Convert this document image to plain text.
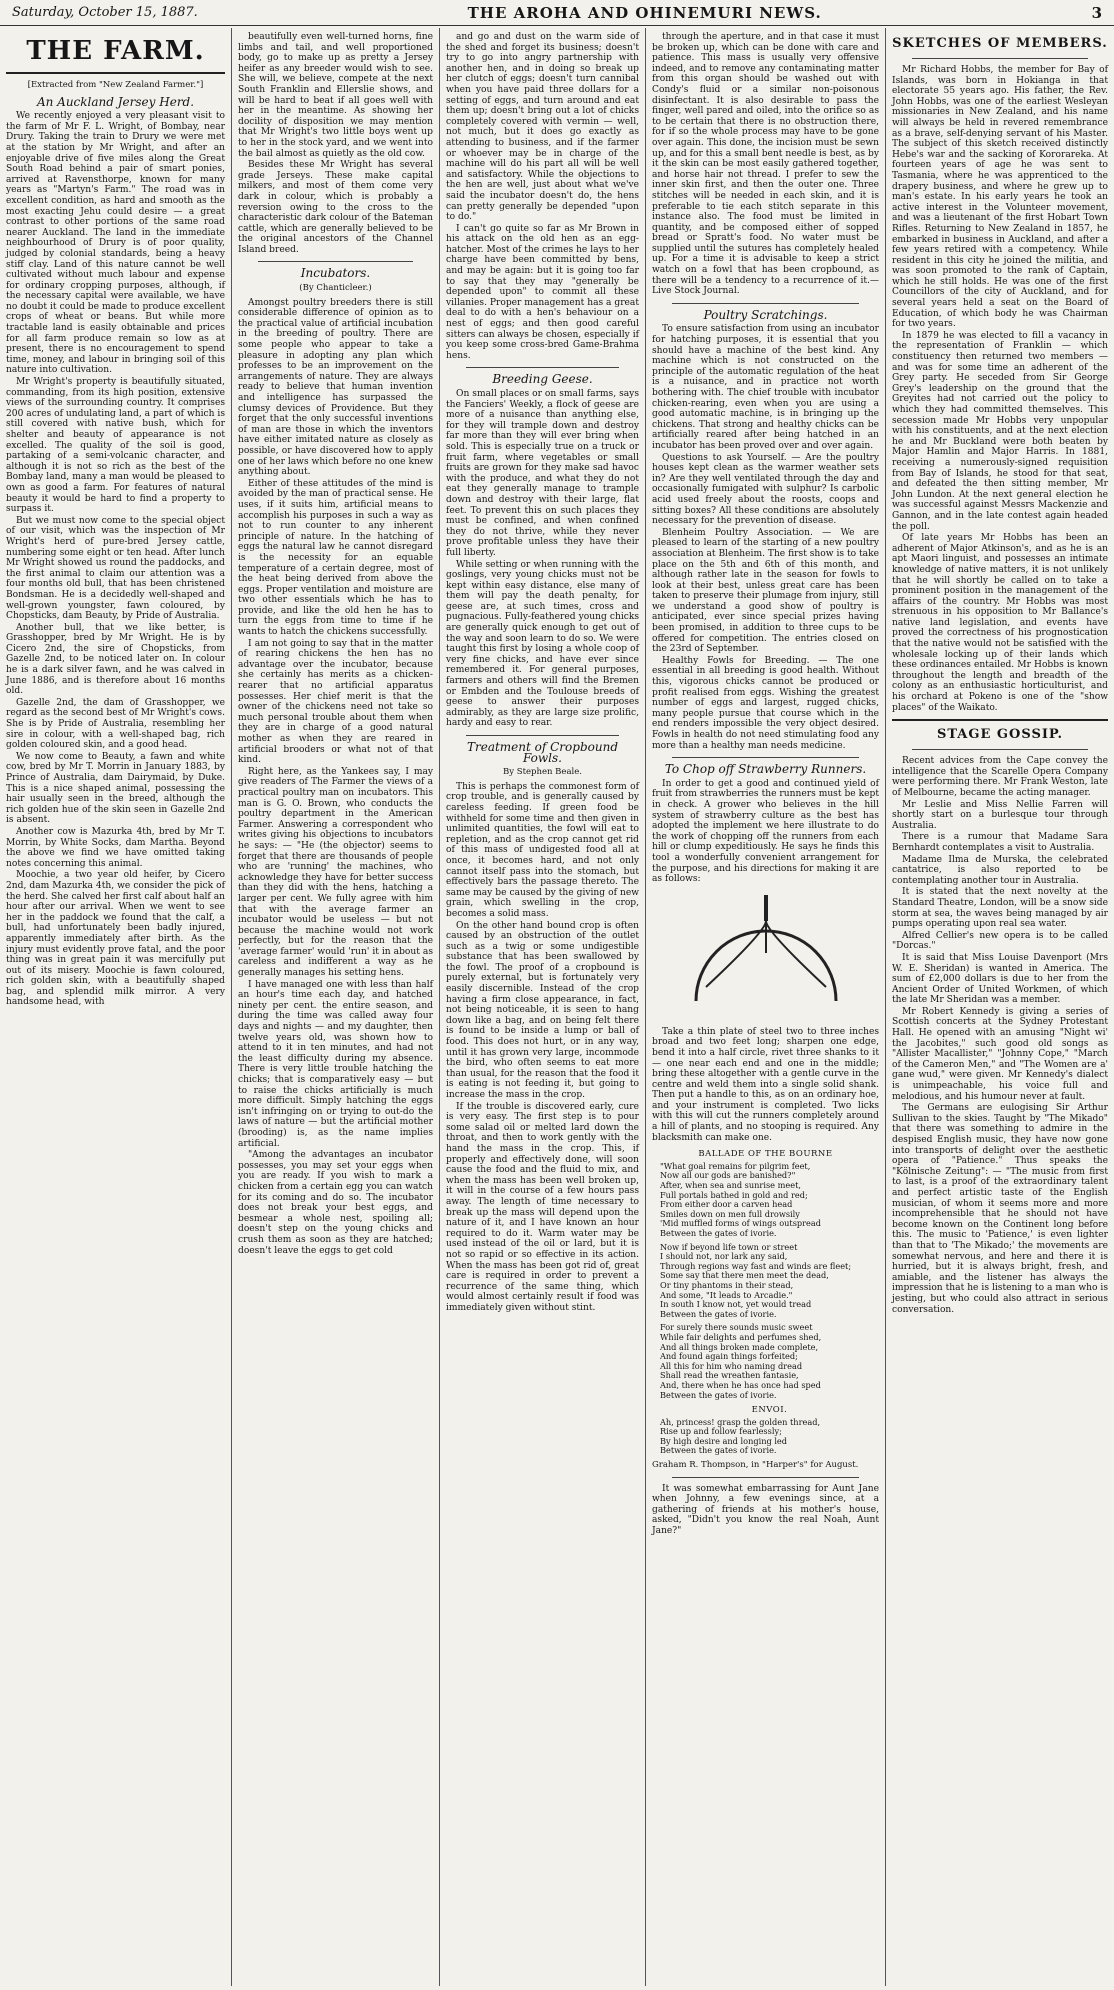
Saturday, October 15, 1887.	THE AROHA AND OHINEMURI NEWS.	3
THE FARM.
[Extracted from "New Zealand Farmer."]
An Auckland Jersey Herd.

We recently enjoyed a very pleasant visit to the farm of Mr F. L. Wright, of Bombay, near Drury. Taking the train to Drury we were met at the station by Mr Wright, and after an enjoyable drive of five miles along the Great South Road behind a pair of smart ponies, arrived at Ravensthorpe, known for many years as "Martyn's Farm." The road was in excellent condition, as hard and smooth as the most exacting Jehu could desire — a great contrast to other portions of the same road nearer Auckland. The land in the immediate neighbourhood of Drury is of poor quality, judged by colonial standards, being a heavy stiff clay. Land of this nature cannot be well cultivated without much labour and expense for ordinary cropping purposes, although, if the necessary capital were available, we have no doubt it could be made to produce excellent crops of wheat or beans. But while more tractable land is easily obtainable and prices for all farm produce remain so low as at present, there is no encouragement to spend time, money, and labour in bringing soil of this nature into cultivation.

Mr Wright's property is beautifully situated, commanding, from its high position, extensive views of the surrounding country. It comprises 200 acres of undulating land, a part of which is still covered with native bush, which for shelter and beauty of appearance is not excelled. The quality of the soil is good, partaking of a semi-volcanic character, and although it is not so rich as the best of the Bombay land, many a man would be pleased to own as good a farm. For features of natural beauty it would be hard to find a property to surpass it.

But we must now come to the special object of our visit, which was the inspection of Mr Wright's herd of pure-bred Jersey cattle, numbering some eight or ten head. After lunch Mr Wright showed us round the paddocks, and the first animal to claim our attention was a four months old bull, that has been christened Bondsman. He is a decidedly well-shaped and well-grown youngster, fawn coloured, by Chopsticks, dam Beauty, by Pride of Australia.

Another bull, that we like better, is Grasshopper, bred by Mr Wright. He is by Cicero 2nd, the sire of Chopsticks, from Gazelle 2nd, to be noticed later on. In colour he is a dark silver fawn, and he was calved in June 1886, and is therefore about 16 months old.

Gazelle 2nd, the dam of Grasshopper, we regard as the second best of Mr Wright's cows. She is by Pride of Australia, resembling her sire in colour, with a well-shaped bag, rich golden coloured skin, and a good head.

We now come to Beauty, a fawn and white cow, bred by Mr T. Morrin in January 1883, by Prince of Australia, dam Dairymaid, by Duke. This is a nice shaped animal, possessing the hair usually seen in the breed, although the rich golden hue of the skin seen in Gazelle 2nd is absent.

Another cow is Mazurka 4th, bred by Mr T. Morrin, by White Socks, dam Martha. Beyond the above we find we have omitted taking notes concerning this animal.

Moochie, a two year old heifer, by Cicero 2nd, dam Mazurka 4th, we consider the pick of the herd. She calved her first calf about half an hour after our arrival. When we went to see her in the paddock we found that the calf, a bull, had unfortunately been badly injured, apparently immediately after birth. As the injury must evidently prove fatal, and the poor thing was in great pain it was mercifully put out of its misery. Moochie is fawn coloured, rich golden skin, with a beautifully shaped bag, and splendid milk mirror. A very handsome head, with

beautifully even well-turned horns, fine limbs and tail, and well proportioned body, go to make up as pretty a Jersey heifer as any breeder would wish to see. She will, we believe, compete at the next South Franklin and Ellerslie shows, and will be hard to beat if all goes well with her in the meantime. As showing her docility of disposition we may mention that Mr Wright's two little boys went up to her in the stock yard, and we went into the bail almost as quietly as the old cow.

Besides these Mr Wright has several grade Jerseys. These make capital milkers, and most of them come very dark in colour, which is probably a reversion owing to the cross to the characteristic dark colour of the Bateman cattle, which are generally believed to be the original ancestors of the Channel Island breed.

Incubators.
(By Chanticleer.)

Amongst poultry breeders there is still considerable difference of opinion as to the practical value of artificial incubation in the breeding of poultry. There are some people who appear to take a pleasure in adopting any plan which professes to be an improvement on the arrangements of nature. They are always ready to believe that human invention and intelligence has surpassed the clumsy devices of Providence. But they forget that the only successful inventions of man are those in which the inventors have either imitated nature as closely as possible, or have discovered how to apply one of her laws which before no one knew anything about.

Either of these attitudes of the mind is avoided by the man of practical sense. He uses, if it suits him, artificial means to accomplish his purposes in such a way as not to run counter to any inherent principle of nature. In the hatching of eggs the natural law he cannot disregard is the necessity for an equable temperature of a certain degree, most of the heat being derived from above the eggs. Proper ventilation and moisture are two other essentials which he has to provide, and like the old hen he has to turn the eggs from time to time if he wants to hatch the chickens successfully.

I am not going to say that in the matter of rearing chickens the hen has no advantage over the incubator, because she certainly has merits as a chicken-rearer that no artificial apparatus possesses. Her chief merit is that the owner of the chickens need not take so much personal trouble about them when they are in charge of a good natural mother as when they are reared in artificial brooders or what not of that kind.

Right here, as the Yankees say, I may give readers of The Farmer the views of a practical poultry man on incubators. This man is G. O. Brown, who conducts the poultry department in the American Farmer. Answering a correspondent who writes giving his objections to incubators he says: — "He (the objector) seems to forget that there are thousands of people who are 'running' the machines, who acknowledge they have for better success than they did with the hens, hatching a larger per cent. We fully agree with him that with the average farmer an incubator would be useless — but not because the machine would not work perfectly, but for the reason that the 'average farmer' would 'run' it in about as careless and indifferent a way as he generally manages his setting hens.

I have managed one with less than half an hour's time each day, and hatched ninety per cent. the entire season, and during the time was called away four days and nights — and my daughter, then twelve years old, was shown how to attend to it in ten minutes, and had not the least difficulty during my absence. There is very little trouble hatching the chicks; that is comparatively easy — but to raise the chicks artificially is much more difficult. Simply hatching the eggs isn't infringing on or trying to out-do the laws of nature — but the artificial mother (brooding) is, as the name implies artificial.

"Among the advantages an incubator possesses, you may set your eggs when you are ready. If you wish to mark a chicken from a certain egg you can watch for its coming and do so. The incubator does not break your best eggs, and besmear a whole nest, spoiling all; doesn't step on the young chicks and crush them as soon as they are hatched; doesn't leave the eggs to get cold

and go and dust on the warm side of the shed and forget its business; doesn't try to go into angry partnership with another hen, and in doing so break up her clutch of eggs; doesn't turn cannibal when you have paid three dollars for a setting of eggs, and turn around and eat them up; doesn't bring out a lot of chicks completely covered with vermin — well, not much, but it does go exactly as attending to business, and if the farmer or whoever may be in charge of the machine will do his part all will be well and satisfactory. While the objections to the hen are well, just about what we've said the incubator doesn't do, the hens can pretty generally be depended "upon to do."

I can't go quite so far as Mr Brown in his attack on the old hen as an egg-hatcher. Most of the crimes he lays to her charge have been committed by bens, and may be again: but it is going too far to say that they may "generally be depended upon" to commit all these villanies. Proper management has a great deal to do with a hen's behaviour on a nest of eggs; and then good careful sitters can always be chosen, especially if you keep some cross-bred Game-Brahma hens.

Breeding Geese.

On small places or on small farms, says the Fanciers' Weekly, a flock of geese are more of a nuisance than anything else, for they will trample down and destroy far more than they will ever bring when sold. This is especially true on a truck or fruit farm, where vegetables or small fruits are grown for they make sad havoc with the produce, and what they do not eat they generally manage to trample down and destroy with their large, flat feet. To prevent this on such places they must be confined, and when confined they do not thrive, while they never prove profitable unless they have their full liberty.

While setting or when running with the goslings, very young chicks must not be kept within easy distance, else many of them will pay the death penalty, for geese are, at such times, cross and pugnacious. Fully-feathered young chicks are generally quick enough to get out of the way and soon learn to do so. We were taught this first by losing a whole coop of very fine chicks, and have ever since remembered it. For general purposes, farmers and others will find the Bremen or Embden and the Toulouse breeds of geese to answer their purposes admirably, as they are large size prolific, hardy and easy to rear.

Treatment of Cropbound Fowls.
By Stephen Beale.

This is perhaps the commonest form of crop trouble, and is generally caused by careless feeding. If green food be withheld for some time and then given in unlimited quantities, the fowl will eat to repletion, and as the crop cannot get rid of this mass of undigested food all at once, it becomes hard, and not only cannot itself pass into the stomach, but effectively bars the passage thereto. The same may be caused by the giving of new grain, which swelling in the crop, becomes a solid mass.

On the other hand bound crop is often caused by an obstruction of the outlet such as a twig or some undigestible substance that has been swallowed by the fowl. The proof of a cropbound is purely external, but is fortunately very easily discernible. Instead of the crop having a firm close appearance, in fact, not being noticeable, it is seen to hang down like a bag, and on being felt there is found to be inside a lump or ball of food. This does not hurt, or in any way, until it has grown very large, incommode the bird, who often seems to eat more than usual, for the reason that the food it is eating is not feeding it, but going to increase the mass in the crop.

If the trouble is discovered early, cure is very easy. The first step is to pour some salad oil or melted lard down the throat, and then to work gently with the hand the mass in the crop. This, if properly and effectively done, will soon cause the food and the fluid to mix, and when the mass has been well broken up, it will in the course of a few hours pass away. The length of time necessary to break up the mass will depend upon the nature of it, and I have known an hour required to do it. Warm water may be used instead of the oil or lard, but it is not so rapid or so effective in its action. When the mass has been got rid of, great care is required in order to prevent a recurrence of the same thing, which would almost certainly result if food was immediately given without stint.

through the aperture, and in that case it must be broken up, which can be done with care and patience. This mass is usually very offensive indeed, and to remove any contaminating matter from this organ should be washed out with Condy's fluid or a similar non-poisonous disinfectant. It is also desirable to pass the finger, well pared and oiled, into the orifice so as to be certain that there is no obstruction there, for if so the whole process may have to be gone over again. This done, the incision must be sewn up, and for this a small bent needle is best, as by it the skin can be most easily gathered together, and horse hair not thread. I prefer to sew the inner skin first, and then the outer one. Three stitches will be needed in each skin, and it is preferable to tie each stitch separate in this instance also. The food must be limited in quantity, and be composed either of sopped bread or Spratt's food. No water must be supplied until the sutures has completely healed up. For a time it is advisable to keep a strict watch on a fowl that has been cropbound, as there will be a tendency to a recurrence of it.— Live Stock Journal.

Poultry Scratchings.

To ensure satisfaction from using an incubator for hatching purposes, it is essential that you should have a machine of the best kind. Any machine which is not constructed on the principle of the automatic regulation of the heat is a nuisance, and in practice not worth bothering with. The chief trouble with incubator chicken-rearing, even when you are using a good automatic machine, is in bringing up the chickens. That strong and healthy chicks can be artificially reared after being hatched in an incubator has been proved over and over again.

Questions to ask Yourself. — Are the poultry houses kept clean as the warmer weather sets in? Are they well ventilated through the day and occasionally fumigated with sulphur? Is carbolic acid used freely about the roosts, coops and sitting boxes? All these conditions are absolutely necessary for the prevention of disease.

Blenheim Poultry Association. — We are pleased to learn of the starting of a new poultry association at Blenheim. The first show is to take place on the 5th and 6th of this month, and although rather late in the season for fowls to look at their best, unless great care has been taken to preserve their plumage from injury, still we understand a good show of poultry is anticipated, ever since special prizes having been promised, in addition to three cups to be offered for competition. The entries closed on the 23rd of September.

Healthy Fowls for Breeding. — The one essential in all breeding is good health. Without this, vigorous chicks cannot be produced or profit realised from eggs. Wishing the greatest number of eggs and largest, rugged chicks, many people pursue that course which in the end renders impossible the very object desired. Fowls in health do not need stimulating food any more than a healthy man needs medicine.

To Chop off Strawberry Runners.

In order to get a good and continued yield of fruit from strawberries the runners must be kept in check. A grower who believes in the hill system of strawberry culture as the best has adopted the implement we here illustrate to do the work of chopping off the runners from each hill or clump expeditiously. He says he finds this tool a wonderfully convenient arrangement for the purpose, and his directions for making it are as follows:

Take a thin plate of steel two to three inches broad and two feet long; sharpen one edge, bend it into a half circle, rivet three shanks to it — one near each end and one in the middle; bring these altogether with a gentle curve in the centre and weld them into a single solid shank. Then put a handle to this, as on an ordinary hoe, and your instrument is completed. Two licks with this will cut the runners completely around a hill of plants, and no stooping is required. Any blacksmith can make one.

BALLADE OF THE BOURNE
"What goal remains for pilgrim feet,
Now all our gods are banished?"
After, when sea and sunrise meet,
Full portals bathed in gold and red;
From either door a carven head
Smiles down on men full drowsily
'Mid muffled forms of wings outspread
Between the gates of ivorie.
Now if beyond life town or street
I should not, nor lark any said,
Through regions way fast and winds are fleet;
Some say that there men meet the dead,
Or tiny phantoms in their stead,
And some, "It leads to Arcadie."
In south I know not, yet would tread
Between the gates of ivorie.
For surely there sounds music sweet
While fair delights and perfumes shed,
And all things broken made complete,
And found again things forfeited;
All this for him who naming dread
Shall read the wreathen fantasie,
And, there when he has once had sped
Between the gates of ivorie.
ENVOI.
Ah, princess! grasp the golden thread,
Rise up and follow fearlessly;
By high desire and longing led
Between the gates of ivorie.
Graham R. Thompson, in "Harper's" for August.

It was somewhat embarrassing for Aunt Jane when Johnny, a few evenings since, at a gathering of friends at his mother's house, asked, "Didn't you know the real Noah, Aunt Jane?"

SKETCHES OF MEMBERS.

Mr Richard Hobbs, the member for Bay of Islands, was born in Hokianga in that electorate 55 years ago. His father, the Rev. John Hobbs, was one of the earliest Wesleyan missionaries in New Zealand, and his name will always be held in revered remembrance as a brave, self-denying servant of his Master. The subject of this sketch received distinctly Hebe's war and the sacking of Kororareka. At fourteen years of age he was sent to Tasmania, where he was apprenticed to the drapery business, and where he grew up to man's estate. In his early years he took an active interest in the Volunteer movement, and was a lieutenant of the first Hobart Town Rifles. Returning to New Zealand in 1857, he embarked in business in Auckland, and after a few years retired with a competency. While resident in this city he joined the militia, and was soon promoted to the rank of Captain, which he still holds. He was one of the first Councillors of the city of Auckland, and for several years held a seat on the Board of Education, of which body he was Chairman for two years.

In 1879 he was elected to fill a vacancy in the representation of Franklin — which constituency then returned two members — and was for some time an adherent of the Grey party. He seceded from Sir George Grey's leadership on the ground that the Greyites had not carried out the policy to which they had committed themselves. This secession made Mr Hobbs very unpopular with his constituents, and at the next election he and Mr Buckland were both beaten by Major Hamlin and Major Harris. In 1881, receiving a numerously-signed requisition from Bay of Islands, he stood for that seat, and defeated the then sitting member, Mr John Lundon. At the next general election he was successful against Messrs Mackenzie and Gannon, and in the late contest again headed the poll.

Of late years Mr Hobbs has been an adherent of Major Atkinson's, and as he is an apt Maori linguist, and possesses an intimate knowledge of native matters, it is not unlikely that he will shortly be called on to take a prominent position in the management of the affairs of the country. Mr Hobbs was most strenuous in his opposition to Mr Ballance's native land legislation, and events have proved the correctness of his prognostication that the native would not be satisfied with the wholesale locking up of their lands which these ordinances entailed. Mr Hobbs is known throughout the length and breadth of the colony as an enthusiastic horticulturist, and his orchard at Pokeno is one of the "show places" of the Waikato.

STAGE GOSSIP.

Recent advices from the Cape convey the intelligence that the Scarelle Opera Company were performing there. Mr Frank Weston, late of Melbourne, became the acting manager.

Mr Leslie and Miss Nellie Farren will shortly start on a burlesque tour through Australia.

There is a rumour that Madame Sara Bernhardt contemplates a visit to Australia.

Madame Ilma de Murska, the celebrated cantatrice, is also reported to be contemplating another tour in Australia.

It is stated that the next novelty at the Standard Theatre, London, will be a snow side storm at sea, the waves being managed by air pumps operating upon real sea water.

Alfred Cellier's new opera is to be called "Dorcas."

It is said that Miss Louise Davenport (Mrs W. E. Sheridan) is wanted in America. The sum of £2,000 dollars is due to her from the Ancient Order of United Workmen, of which the late Mr Sheridan was a member.

Mr Robert Kennedy is giving a series of Scottish concerts at the Sydney Protestant Hall. He opened with an amusing "Night wi' the Jacobites," such good old songs as "Allister Macallister," "Johnny Cope," "March of the Cameron Men," and "The Women are a' gane wud," were given. Mr Kennedy's dialect is unimpeachable, his voice full and melodious, and his humour never at fault.

The Germans are eulogising Sir Arthur Sullivan to the skies. Taught by "The Mikado" that there was something to admire in the despised English music, they have now gone into transports of delight over the aesthetic opera of "Patience." Thus speaks the "Kölnische Zeitung": — "The music from first to last, is a proof of the extraordinary talent and perfect artistic taste of the English musician, of whom it seems more and more incomprehensible that he should not have become known on the Continent long before this. The music to 'Patience,' is even lighter than that to 'The Mikado;' the movements are somewhat nervous, and here and there it is hurried, but it is always bright, fresh, and amiable, and the listener has always the impression that he is listening to a man who is jesting, but who could also attract in serious conversation.
